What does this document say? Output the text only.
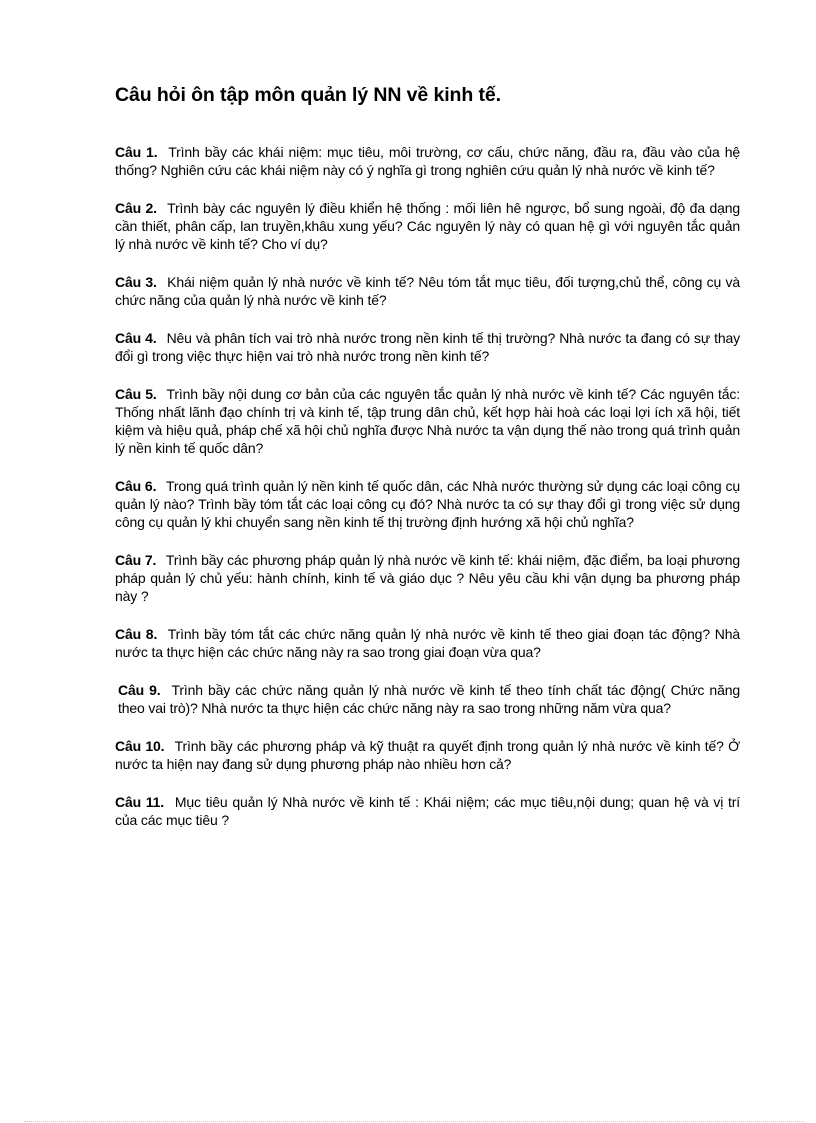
Câu hỏi ôn tập môn quản lý NN về kinh tế.

Câu 1. Trình bầy các khái niệm: mục tiêu, môi trường, cơ cấu, chức năng, đầu ra, đầu vào của hệ thống? Nghiên cứu các khái niệm này có ý nghĩa gì trong nghiên cứu quản lý nhà nước về kinh tế?

Câu 2. Trình bày các nguyên lý điều khiển hệ thống : mối liên hê ngược, bổ sung ngoài, độ đa dạng cần thiết, phân cấp, lan truyền,khâu xung yếu? Các nguyên lý này có quan hệ gì với nguyên tắc quản lý nhà nước về kinh tế? Cho ví dụ?

Câu 3. Khái niệm quản lý nhà nước về kinh tế? Nêu tóm tắt mục tiêu, đối tượng,chủ thể, công cụ và chức năng của quản lý nhà nước về kinh tế?

Câu 4. Nêu và phân tích vai trò nhà nước trong nền kinh tế thị trường? Nhà nước ta đang có sự thay đổi gì trong việc thực hiện vai trò nhà nước trong nền kinh tế?

Câu 5. Trình bầy nội dung cơ bản của các nguyên tắc quản lý nhà nước về kinh tế? Các nguyên tắc: Thống nhất lãnh đạo chính trị và kinh tế, tập trung dân chủ, kết hợp hài hoà các loại lợi ích xã hội, tiết kiệm và hiệu quả, pháp chế xã hội chủ nghĩa được Nhà nước ta vận dụng thế nào trong quá trình quản lý nền kinh tế quốc dân?

Câu 6. Trong quá trình quản lý nền kinh tế quốc dân, các Nhà nước thường sử dụng các loại công cụ quản lý nào? Trình bầy tóm tắt các loại công cụ đó? Nhà nước ta có sự thay đổi gì trong việc sử dụng công cụ quản lý khi chuyển sang nền kinh tế thị trường định hướng xã hội chủ nghĩa?

Câu 7. Trình bầy các phương pháp quản lý nhà nước về kinh tế: khái niệm, đặc điểm, ba loại phương pháp quản lý chủ yếu: hành chính, kinh tế và giáo dục ? Nêu yêu cầu khi vận dụng ba phương pháp này ?

Câu 8. Trình bầy tóm tắt các chức năng quản lý nhà nước về kinh tế theo giai đoạn tác động? Nhà nước ta thực hiện các chức năng này ra sao trong giai đoạn vừa qua?

Câu 9. Trình bầy các chức năng quản lý nhà nước về kinh tế theo tính chất tác động( Chức năng theo vai trò)? Nhà nước ta thực hiện các chức năng này ra sao trong những năm vừa qua?

Câu 10. Trình bầy các phương pháp và kỹ thuật ra quyết định trong quản lý nhà nước về kinh tế? Ở nước ta hiện nay đang sử dụng phương pháp nào nhiều hơn cả?

Câu 11. Mục tiêu quản lý Nhà nước về kinh tế : Khái niệm; các mục tiêu,nội dung; quan hệ và vị trí của các mục tiêu ?
